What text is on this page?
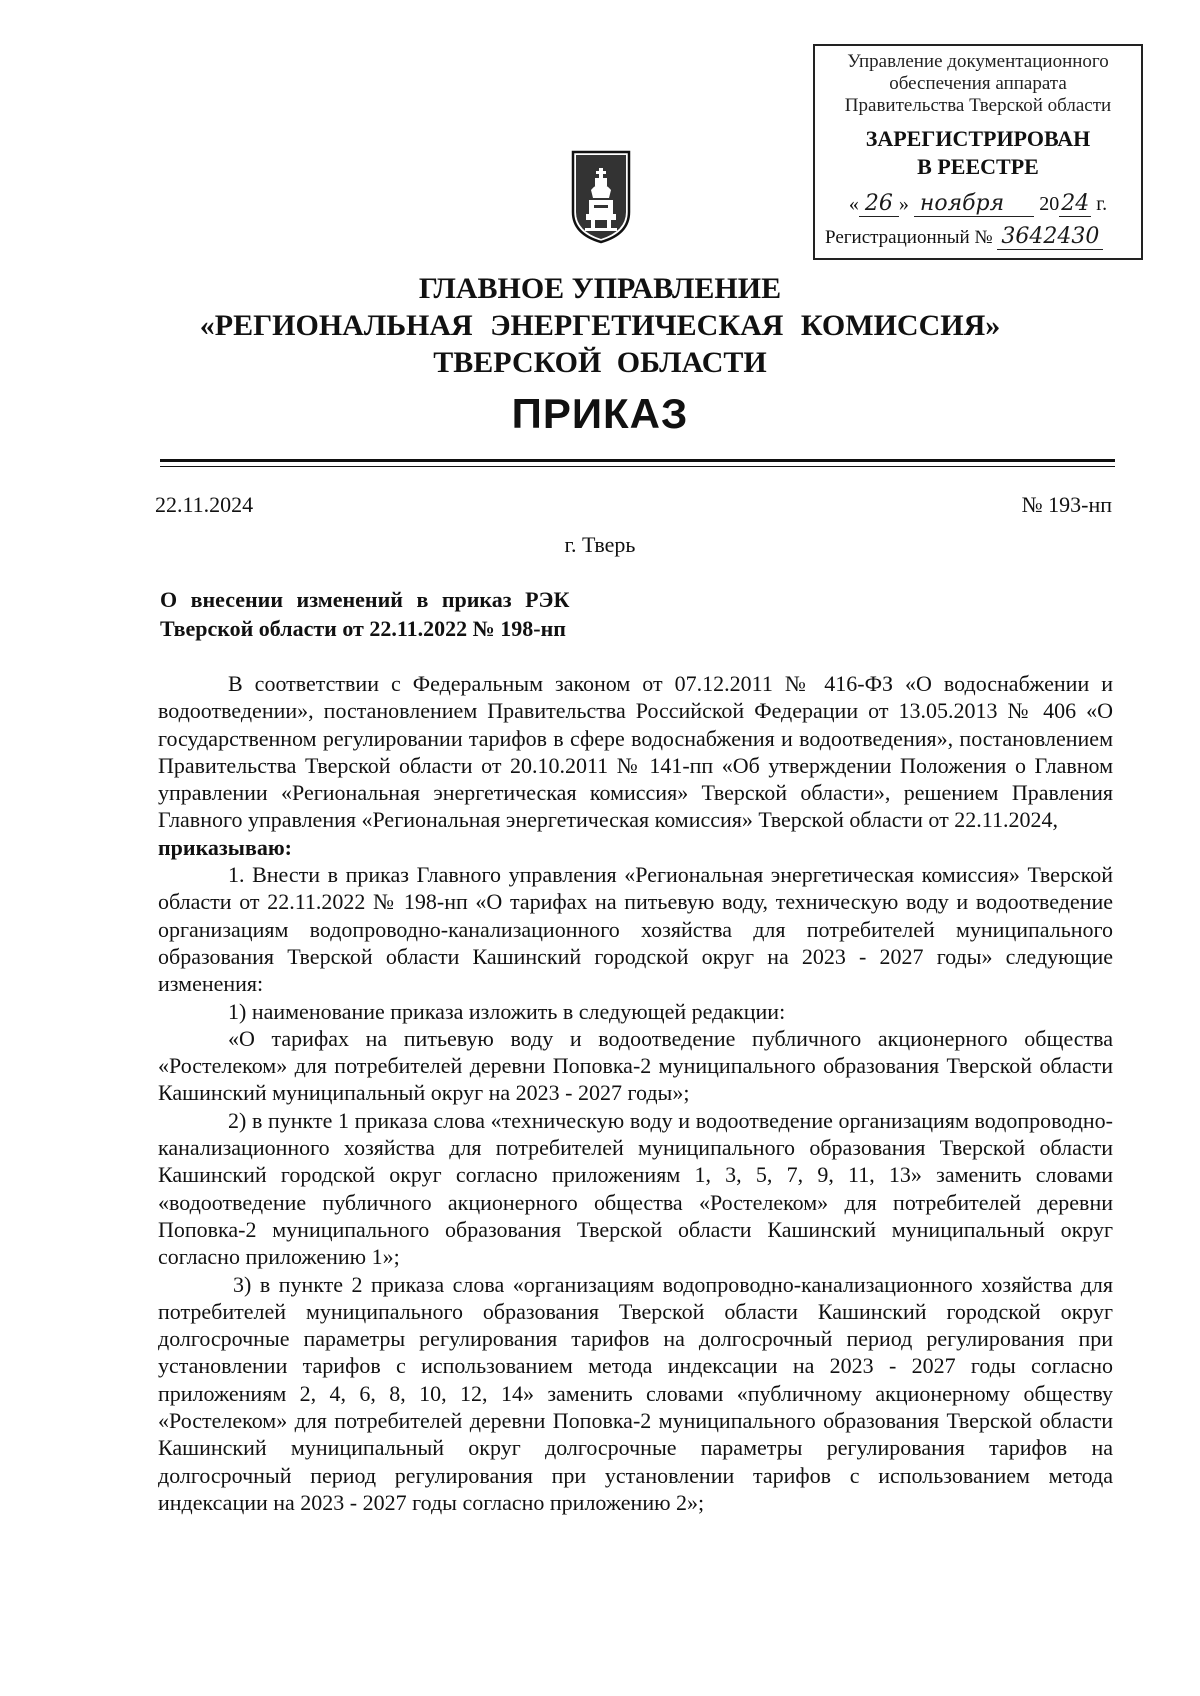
Управление документационного
обеспечения аппарата
Правительства Тверской области
ЗАРЕГИСТРИРОВАН
В РЕЕСТРЕ
« 26 » ноября 2024 г.
Регистрационный № 3642430
ГЛАВНОЕ УПРАВЛЕНИЕ
«РЕГИОНАЛЬНАЯ ЭНЕРГЕТИЧЕСКАЯ КОМИССИЯ»
ТВЕРСКОЙ ОБЛАСТИ
ПРИКАЗ
22.11.2024	№ 193-нп
г. Тверь
О внесении изменений в приказ РЭК
Тверской области от 22.11.2022 № 198-нп

В соответствии с Федеральным законом от 07.12.2011 № 416-ФЗ «О водоснабжении и водоотведении», постановлением Правительства Российской Федерации от 13.05.2013 № 406 «О государственном регулировании тарифов в сфере водоснабжения и водоотведения», постановлением Правительства Тверской области от 20.10.2011 № 141-пп «Об утверждении Положения о Главном управлении «Региональная энергетическая комиссия» Тверской области», решением Правления Главного управления «Региональная энергетическая комиссия» Тверской области от 22.11.2024,

приказываю:

1. Внести в приказ Главного управления «Региональная энергетическая комиссия» Тверской области от 22.11.2022 № 198-нп «О тарифах на питьевую воду, техническую воду и водоотведение организациям водопроводно-канализационного хозяйства для потребителей муниципального образования Тверской области Кашинский городской округ на 2023 - 2027 годы» следующие изменения:

1) наименование приказа изложить в следующей редакции:

«О тарифах на питьевую воду и водоотведение публичного акционерного общества «Ростелеком» для потребителей деревни Поповка-2 муниципального образования Тверской области Кашинский муниципальный округ на 2023 - 2027 годы»;

2) в пункте 1 приказа слова «техническую воду и водоотведение организациям водопроводно-канализационного хозяйства для потребителей муниципального образования Тверской области Кашинский городской округ согласно приложениям 1, 3, 5, 7, 9, 11, 13» заменить словами «водоотведение публичного акционерного общества «Ростелеком» для потребителей деревни Поповка-2 муниципального образования Тверской области Кашинский муниципальный округ согласно приложению 1»;

3) в пункте 2 приказа слова «организациям водопроводно-канализационного хозяйства для потребителей муниципального образования Тверской области Кашинский городской округ долгосрочные параметры регулирования тарифов на долгосрочный период регулирования при установлении тарифов с использованием метода индексации на 2023 - 2027 годы согласно приложениям 2, 4, 6, 8, 10, 12, 14» заменить словами «публичному акционерному обществу «Ростелеком» для потребителей деревни Поповка-2 муниципального образования Тверской области Кашинский муниципальный округ долгосрочные параметры регулирования тарифов на долгосрочный период регулирования при установлении тарифов с использованием метода индексации на 2023 - 2027 годы согласно приложению 2»;
